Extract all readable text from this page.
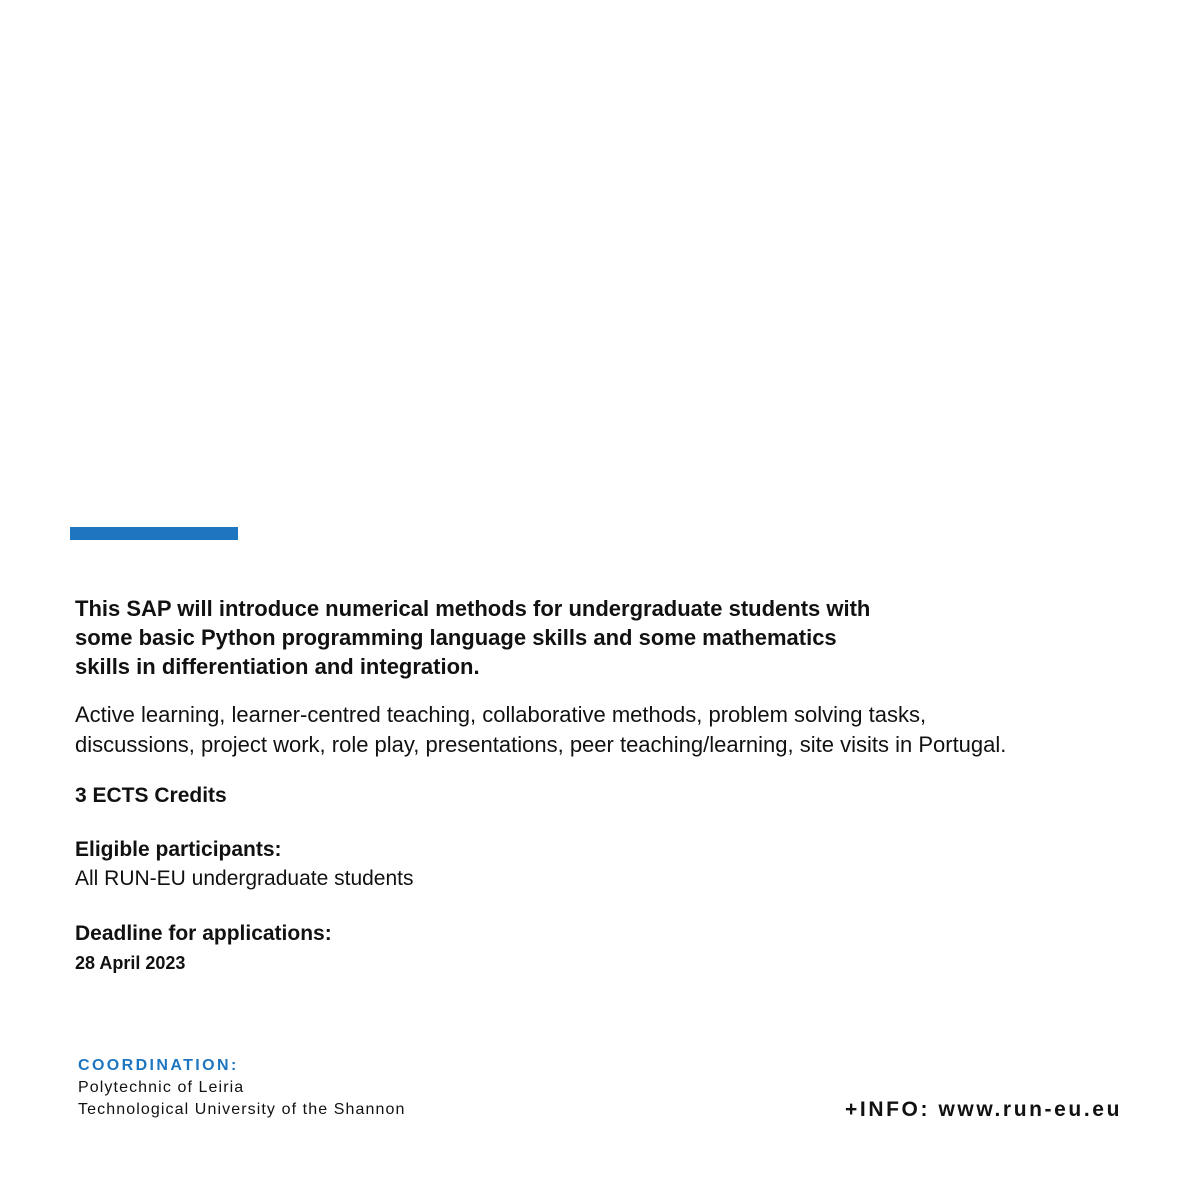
This SAP will introduce numerical methods for undergraduate students with
some basic Python programming language skills and some mathematics
skills in differentiation and integration.

Active learning, learner-centred teaching, collaborative methods, problem solving tasks,
discussions, project work, role play, presentations, peer teaching/learning, site visits in Portugal.

3 ECTS Credits

Eligible participants:

All RUN-EU undergraduate students

Deadline for applications:

28 April 2023

COORDINATION:
Polytechnic of Leiria
Technological University of the Shannon	+INFO: www.run-eu.eu
